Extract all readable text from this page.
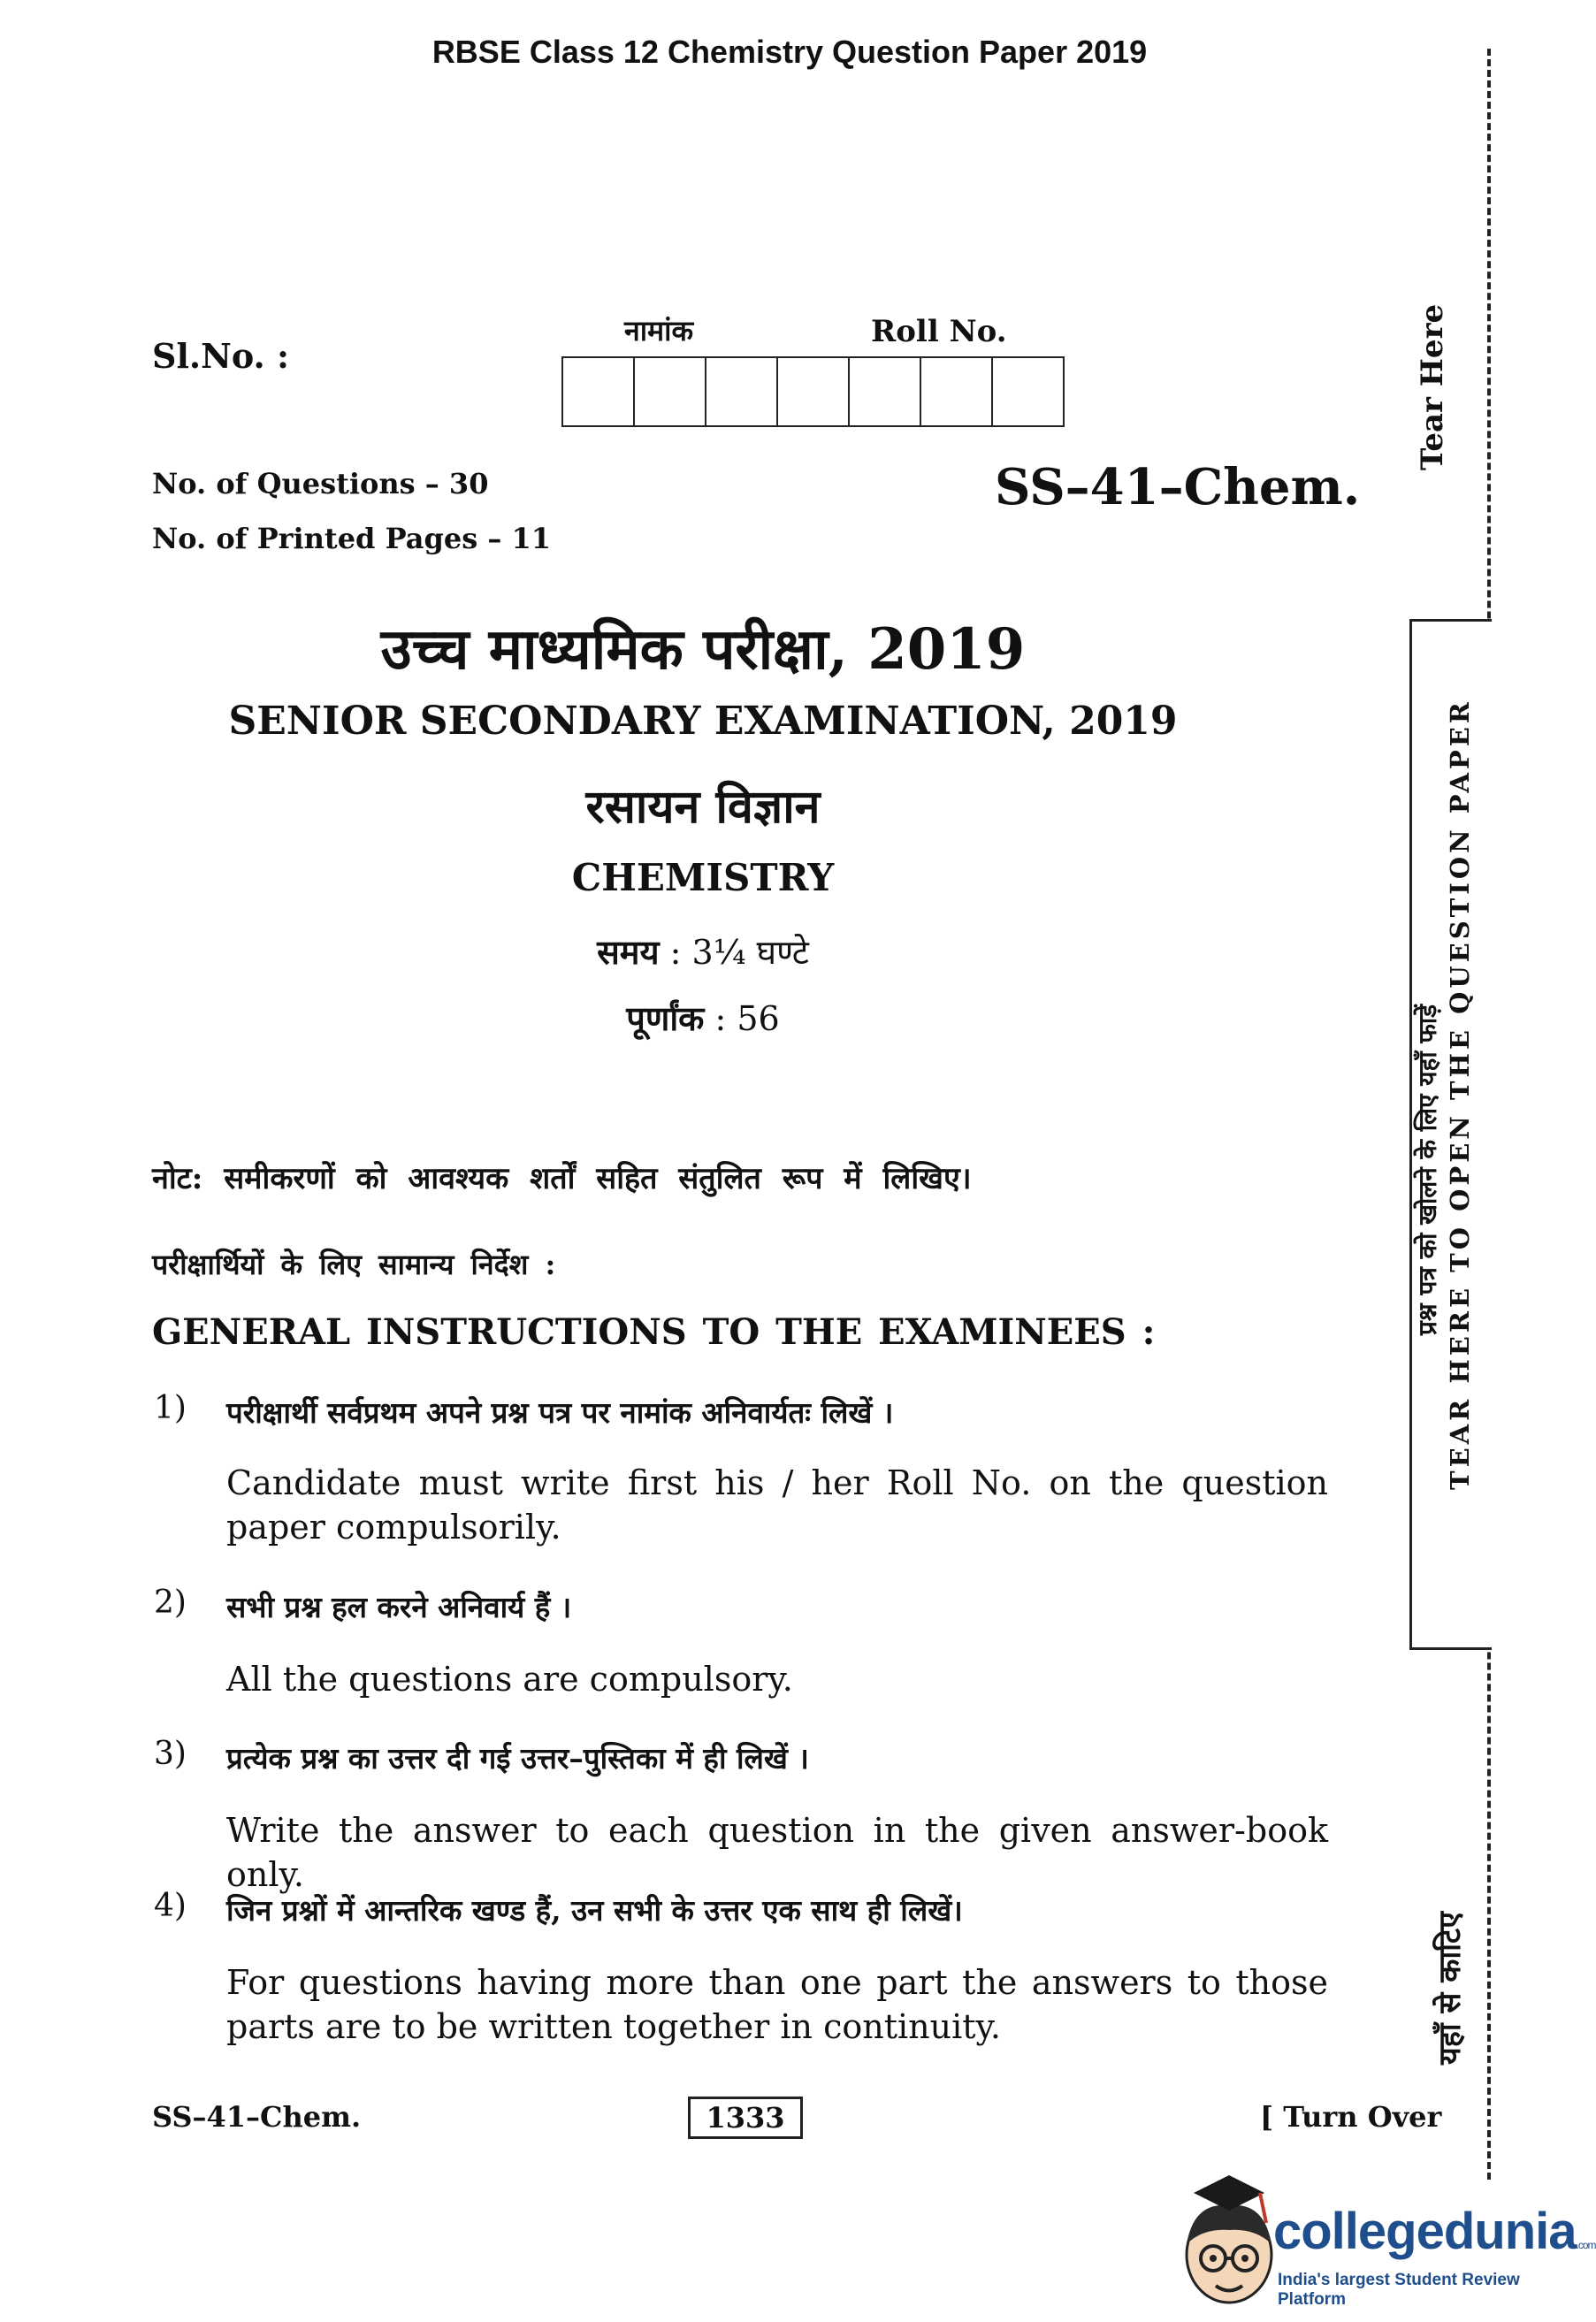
RBSE Class 12 Chemistry Question Paper 2019
Sl.No. :
नामांक	Roll No.
No. of Questions – 30
No. of Printed Pages – 11
SS–41–Chem.
उच्च माध्यमिक परीक्षा, 2019
SENIOR SECONDARY EXAMINATION, 2019
रसायन विज्ञान
CHEMISTRY
समय : 3¼ घण्टे
पूर्णांक : 56
नोट: समीकरणों को आवश्यक शर्तों सहित संतुलित रूप में लिखिए।
परीक्षार्थियों के लिए सामान्य निर्देश :
GENERAL INSTRUCTIONS TO THE EXAMINEES :
1) परीक्षार्थी सर्वप्रथम अपने प्रश्न पत्र पर नामांक अनिवार्यतः लिखें ।
Candidate must write first his / her Roll No. on the question paper compulsorily.
2) सभी प्रश्न हल करने अनिवार्य हैं ।
All the questions are compulsory.
3) प्रत्येक प्रश्न का उत्तर दी गई उत्तर–पुस्तिका में ही लिखें ।
Write the answer to each question in the given answer-book only.
4) जिन प्रश्नों में आन्तरिक खण्ड हैं, उन सभी के उत्तर एक साथ ही लिखें।
For questions having more than one part the answers to those parts are to be written together in continuity.
SS–41–Chem.	1333	[ Turn Over
Tear Here
प्रश्न पत्र को खोलने के लिए यहाँ फाड़ें TEAR HERE TO OPEN THE QUESTION PAPER
यहाँ से काटिए
collegedunia.com
India's largest Student Review Platform
